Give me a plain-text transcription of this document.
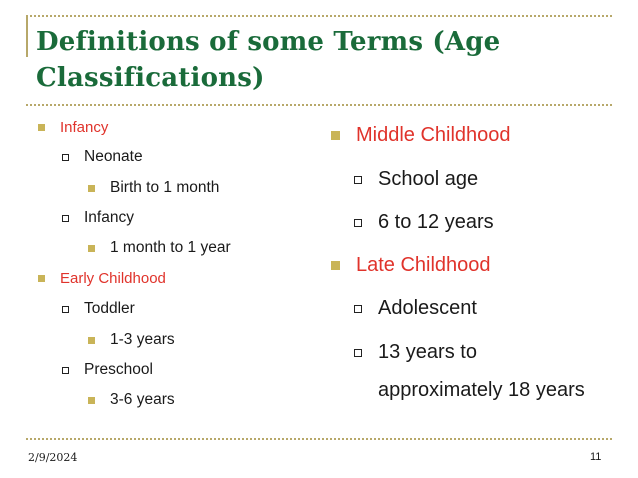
Definitions of some Terms (Age
Classifications)
Infancy
Neonate
Birth to 1 month
Infancy
1 month to 1 year
Early Childhood
Toddler
1-3 years
Preschool
3-6 years
Middle Childhood
School age
6 to 12 years
Late Childhood
Adolescent
13 years to
approximately 18 years
2/9/2024	11
